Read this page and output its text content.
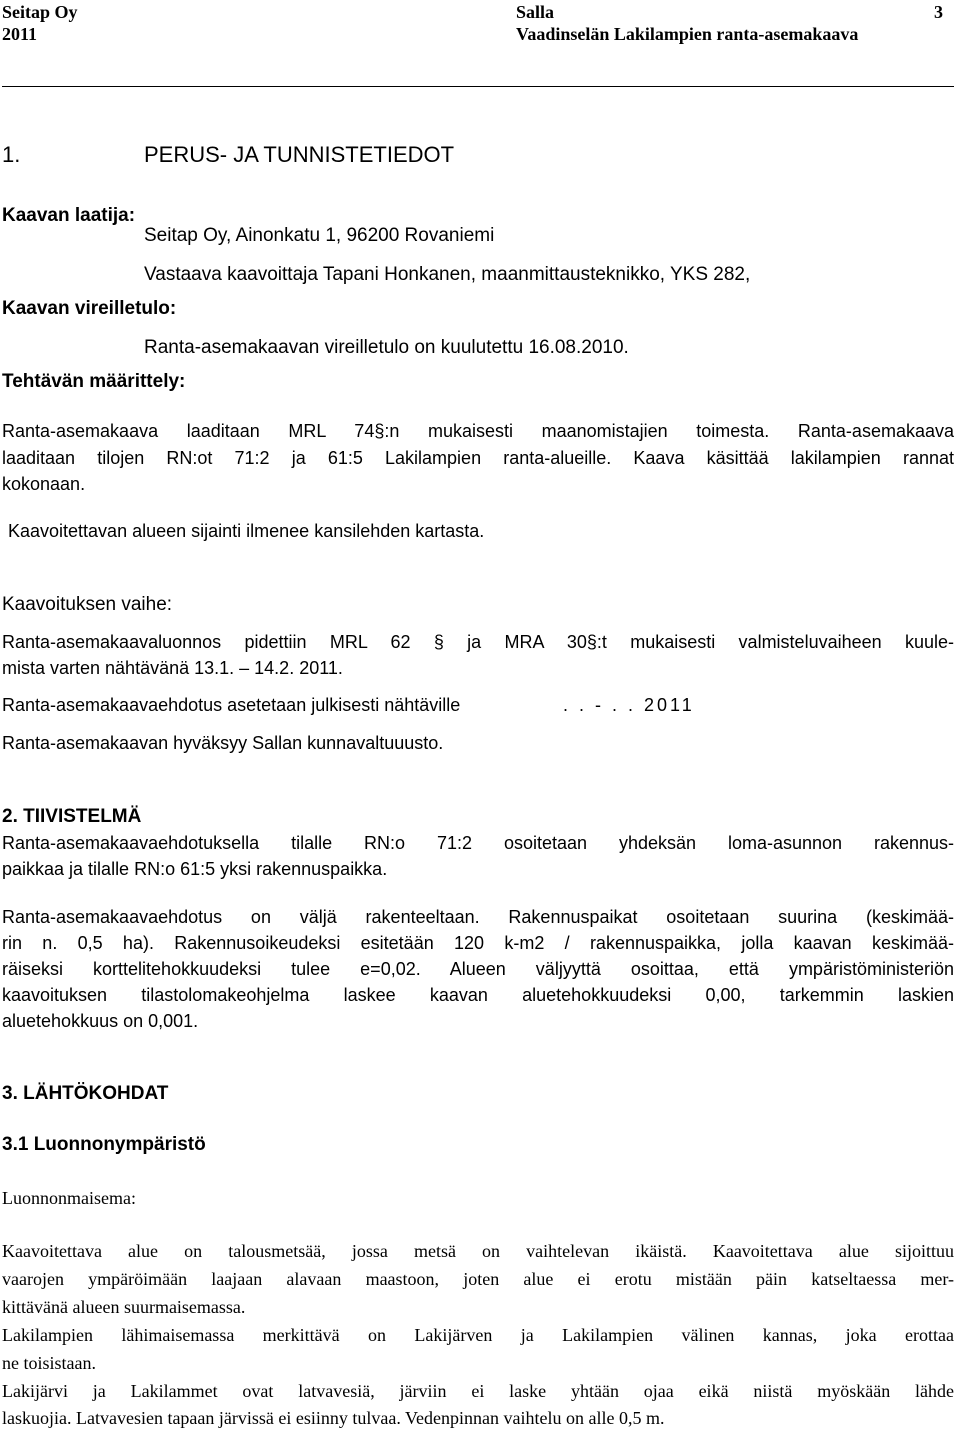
Seitap Oy
2011
Salla
Vaadinselän Lakilampien ranta-asemakaava
3
1.	PERUS- JA TUNNISTETIEDOT
Kaavan laatija:
Seitap Oy, Ainonkatu 1, 96200 Rovaniemi
Vastaava kaavoittaja Tapani Honkanen, maanmittausteknikko, YKS 282,
Kaavan vireilletulo:
Ranta-asemakaavan vireilletulo on kuulutettu 16.08.2010.
Tehtävän määrittely:
Ranta-asemakaava laaditaan MRL 74§:n mukaisesti maanomistajien toimesta. Ranta-asemakaava
laaditaan tilojen RN:ot 71:2 ja 61:5 Lakilampien ranta-alueille. Kaava käsittää lakilampien rannat
kokonaan.
Kaavoitettavan alueen sijainti ilmenee kansilehden kartasta.
Kaavoituksen vaihe:
Ranta-asemakaavaluonnos pidettiin MRL 62 § ja MRA 30§:t mukaisesti valmisteluvaiheen kuule-
mista varten nähtävänä 13.1. – 14.2. 2011.
Ranta-asemakaavaehdotus asetetaan julkisesti nähtäville	. . - . . 2011
Ranta-asemakaavan hyväksyy Sallan kunnavaltuuusto.
2. TIIVISTELMÄ
Ranta-asemakaavaehdotuksella tilalle RN:o 71:2 osoitetaan yhdeksän loma-asunnon rakennus-
paikkaa ja tilalle RN:o 61:5 yksi rakennuspaikka.
Ranta-asemakaavaehdotus on väljä rakenteeltaan. Rakennuspaikat osoitetaan suurina (keskimää-
rin n. 0,5 ha). Rakennusoikeudeksi esitetään 120 k-m2 / rakennuspaikka, jolla kaavan keskimää-
räiseksi korttelitehokkuudeksi tulee e=0,02. Alueen väljyyttä osoittaa, että ympäristöministeriön
kaavoituksen tilastolomakeohjelma laskee kaavan aluetehokkuudeksi 0,00, tarkemmin laskien
aluetehokkuus on 0,001.
3. LÄHTÖKOHDAT
3.1 Luonnonympäristö
Luonnonmaisema:
Kaavoitettava alue on talousmetsää, jossa metsä on vaihtelevan ikäistä. Kaavoitettava alue sijoittuu
vaarojen ympäröimään laajaan alavaan maastoon, joten alue ei erotu mistään päin katseltaessa mer-
kittävänä alueen suurmaisemassa.
Lakilampien lähimaisemassa merkittävä on Lakijärven ja Lakilampien välinen kannas, joka erottaa
ne toisistaan.
Lakijärvi ja Lakilammet ovat latvavesiä, järviin ei laske yhtään ojaa eikä niistä myöskään lähde
laskuojia. Latvavesien tapaan järvissä ei esiinny tulvaa. Vedenpinnan vaihtelu on alle 0,5 m.
